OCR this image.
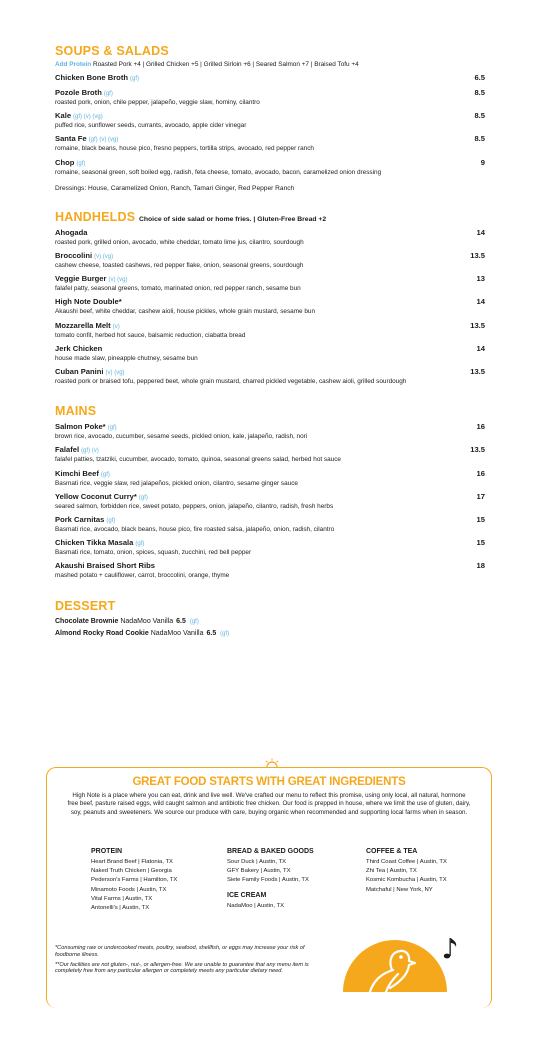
SOUPS & SALADS
Add Protein Roasted Pork +4 | Grilled Chicken +5 | Grilled Sirloin +6 | Seared Salmon +7 | Braised Tofu +4
Chicken Bone Broth (gf)	6.5
Pozole Broth (gf)	8.5
roasted pork, onion, chile pepper, jalapeño, veggie slaw, hominy, cilantro
Kale (gf) (v) (vg)	8.5
puffed rice, sunflower seeds, currants, avocado, apple cider vinegar
Santa Fe (gf) (v) (vg)	8.5
romaine, black beans, house pico, fresno peppers, tortilla strips, avocado, red pepper ranch
Chop (gf)	9
romaine, seasonal green, soft boiled egg, radish, feta cheese, tomato, avocado, bacon, caramelized onion dressing
Dressings: House, Caramelized Onion, Ranch, Tamari Ginger, Red Pepper Ranch
HANDHELDS Choice of side salad or home fries. | Gluten-Free Bread +2
Ahogada	14
roasted pork, grilled onion, avocado, white cheddar, tomato lime jus, cilantro, sourdough
Broccolini (v) (vg)	13.5
cashew cheese, toasted cashews, red pepper flake, onion, seasonal greens, sourdough
Veggie Burger (v) (vg)	13
falafel patty, seasonal greens, tomato, marinated onion, red pepper ranch, sesame bun
High Note Double*	14
Akaushi beef, white cheddar, cashew aioli, house pickles, whole grain mustard, sesame bun
Mozzarella Melt (v)	13.5
tomato confit, herbed hot sauce, balsamic reduction, ciabatta bread
Jerk Chicken	14
house made slaw, pineapple chutney, sesame bun
Cuban Panini (v) (vg)	13.5
roasted pork or braised tofu, peppered beet, whole grain mustard, charred pickled vegetable, cashew aioli, grilled sourdough
MAINS
Salmon Poke* (gf)	16
brown rice, avocado, cucumber, sesame seeds, pickled onion, kale, jalapeño, radish, nori
Falafel (gf) (v)	13.5
falafel patties, tzatziki, cucumber, avocado, tomato, quinoa, seasonal greens salad, herbed hot sauce
Kimchi Beef (gf)	16
Basmati rice, veggie slaw, red jalapeños, pickled onion, cilantro, sesame ginger sauce
Yellow Coconut Curry* (gf)	17
seared salmon, forbidden rice, sweet potato, peppers, onion, jalapeño, cilantro, radish, fresh herbs
Pork Carnitas (gf)	15
Basmati rice, avocado, black beans, house pico, fire roasted salsa, jalapeño, onion, radish, cilantro
Chicken Tikka Masala (gf)	15
Basmati rice, tomato, onion, spices, squash, zucchini, red bell pepper
Akaushi Braised Short Ribs	18
mashed potato + cauliflower, carrot, broccolini, orange, thyme
DESSERT
Chocolate Brownie NadaMoo Vanilla 6.5 (gf)
Almond Rocky Road Cookie NadaMoo Vanilla 6.5 (gf)
GREAT FOOD STARTS WITH GREAT INGREDIENTS
High Note is a place where you can eat, drink and live well. We've crafted our menu to reflect this promise, using only local, all natural, hormone free beef, pasture raised eggs, wild caught salmon and antibiotic free chicken. Our food is prepped in house, where we limit the use of gluten, dairy, soy, peanuts and sweeteners. We source our produce with care, buying organic when recommended and supporting local farms when in season.
PROTEIN
Heart Brand Beef | Flatonia, TX
Naked Truth Chicken | Georgia
Pederson's Farms | Hamilton, TX
Minamoto Foods | Austin, TX
Vital Farms | Austin, TX
Antonelli's | Austin, TX
BREAD & BAKED GOODS
Sour Duck | Austin, TX
GFY Bakery | Austin, TX
Siete Family Foods | Austin, TX
ICE CREAM
NadaMoo | Austin, TX
COFFEE & TEA
Third Coast Coffee | Austin, TX
Zhi Tea | Austin, TX
Kosmic Kombucha | Austin, TX
Matchaful | New York, NY

*Consuming raw or undercooked meats, poultry, seafood, shellfish, or eggs may increase your risk of foodborne illness.

**Our facilities are not gluten-, nut-, or allergen-free. We are unable to guarantee that any menu item is completely free from any particular allergen or completely meets any particular dietary need.
